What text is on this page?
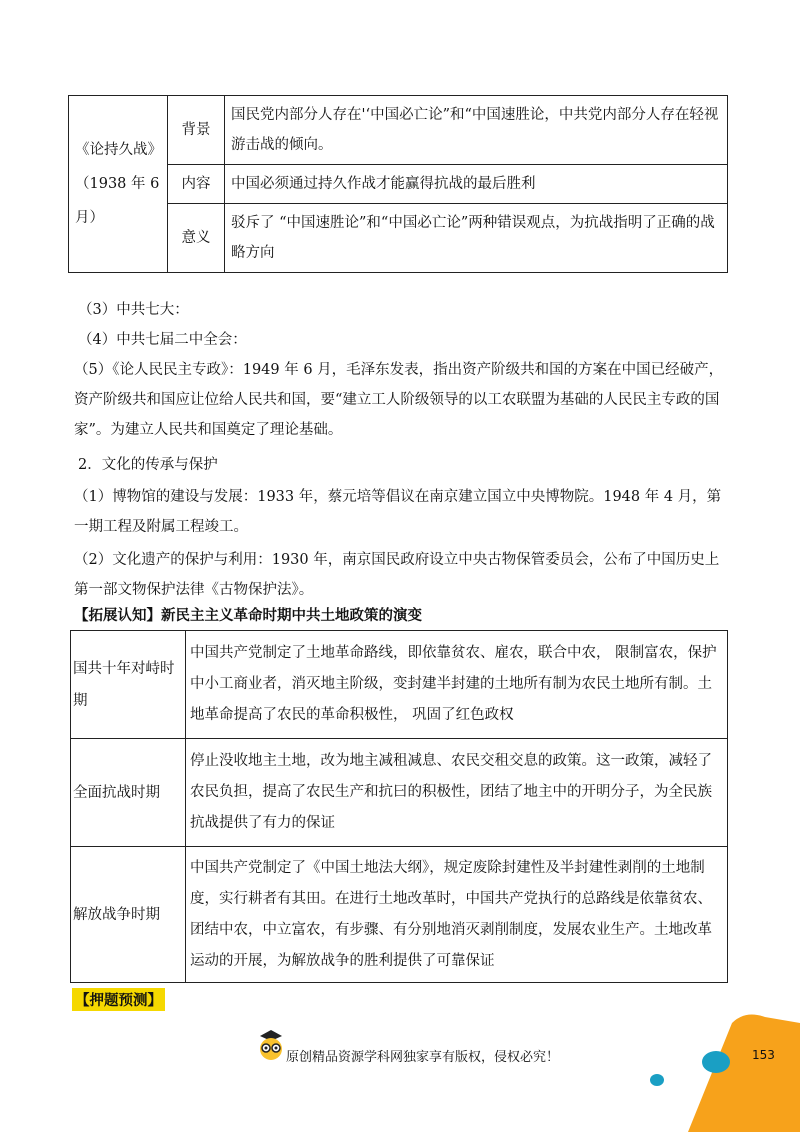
《论持久战》
（1938 年 6
月）	背景	国民党内部分人存在'‘中国必亡论”和“中国速胜论，中共党内部分人存在轻视游击战的倾向。
	内容	中国必须通过持久作战才能赢得抗战的最后胜利
	意义	驳斥了 “中国速胜论”和“中国必亡论”两种错误观点，为抗战指明了正确的战略方向
（3）中共七大：
（4）中共七届二中全会：
（5）《论人民民主专政》：1949 年 6 月，毛泽东发表，指出资产阶级共和国的方案在中国已经破产，资产阶级共和国应让位给人民共和国，要“建立工人阶级领导的以工农联盟为基础的人民民主专政的国家”。为建立人民共和国奠定了理论基础。
2．文化的传承与保护
（1）博物馆的建设与发展：1933 年，蔡元培等倡议在南京建立国立中央博物院。1948 年 4 月，第一期工程及附属工程竣工。
（2）文化遗产的保护与利用：1930 年，南京国民政府设立中央古物保管委员会，公布了中国历史上第一部文物保护法律《古物保护法》。
【拓展认知】新民主主义革命时期中共土地政策的演变
国共十年对峙时期	中国共产党制定了土地革命路线，即依靠贫农、雇农，联合中农， 限制富农，保护中小工商业者，消灭地主阶级，变封建半封建的土地所有制为农民土地所有制。土地革命提高了农民的革命积极性， 巩固了红色政权
全面抗战时期	停止没收地主土地，改为地主减租减息、农民交租交息的政策。这一政策，减轻了农民负担，提高了农民生产和抗曰的积极性，团结了地主中的开明分子，为全民族抗战提供了有力的保证
解放战争时期	中国共产党制定了《中国土地法大纲》，规定废除封建性及半封建性剥削的土地制度，实行耕者有其田。在进行土地改革时，中国共产党执行的总路线是依靠贫农、团结中农，中立富农，有步骤、有分别地消灭剥削制度，发展农业生产。土地改革运动的开展，为解放战争的胜利提供了可靠保证
【押题预测】
原创精品资源学科网独家享有版权，侵权必究！	153
